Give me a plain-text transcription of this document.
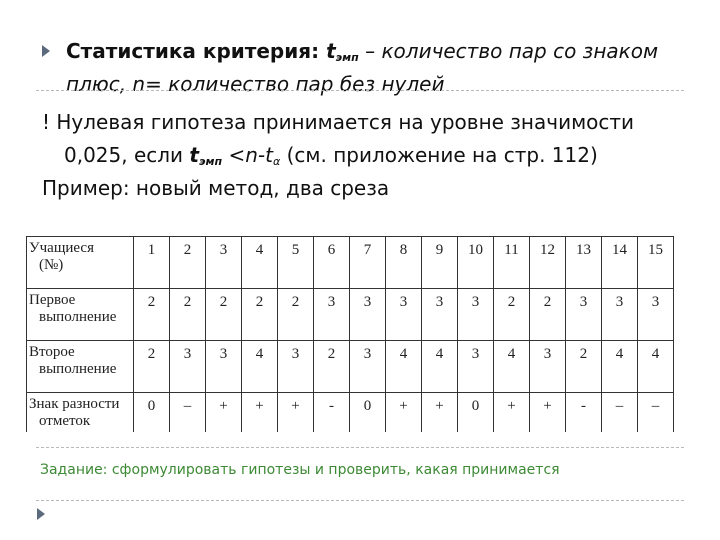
Статистика критерия: $t_{эмп}$ – количество пар со знаком
плюс, n= количество пар без нулей
! Нулевая гипотеза принимается на уровне значимости
0,025, если $t_{эмп} <n-t_\alpha$ (см. приложение на стр. 112)
Пример: новый метод, два среза
Учащиеся
(№)	1	2	3	4	5	6	7	8	9	10	11	12	13	14	15

Первое
выполнение	2	2	2	2	2	3	3	3	3	3	2	2	3	3	3

Второе
выполнение	2	3	3	4	3	2	3	4	4	3	4	3	2	4	4

Знак разности
отметок	0	–	+	+	+	-	0	+	+	0	+	+	-	–	–
Задание: сформулировать гипотезы и проверить, какая принимается
